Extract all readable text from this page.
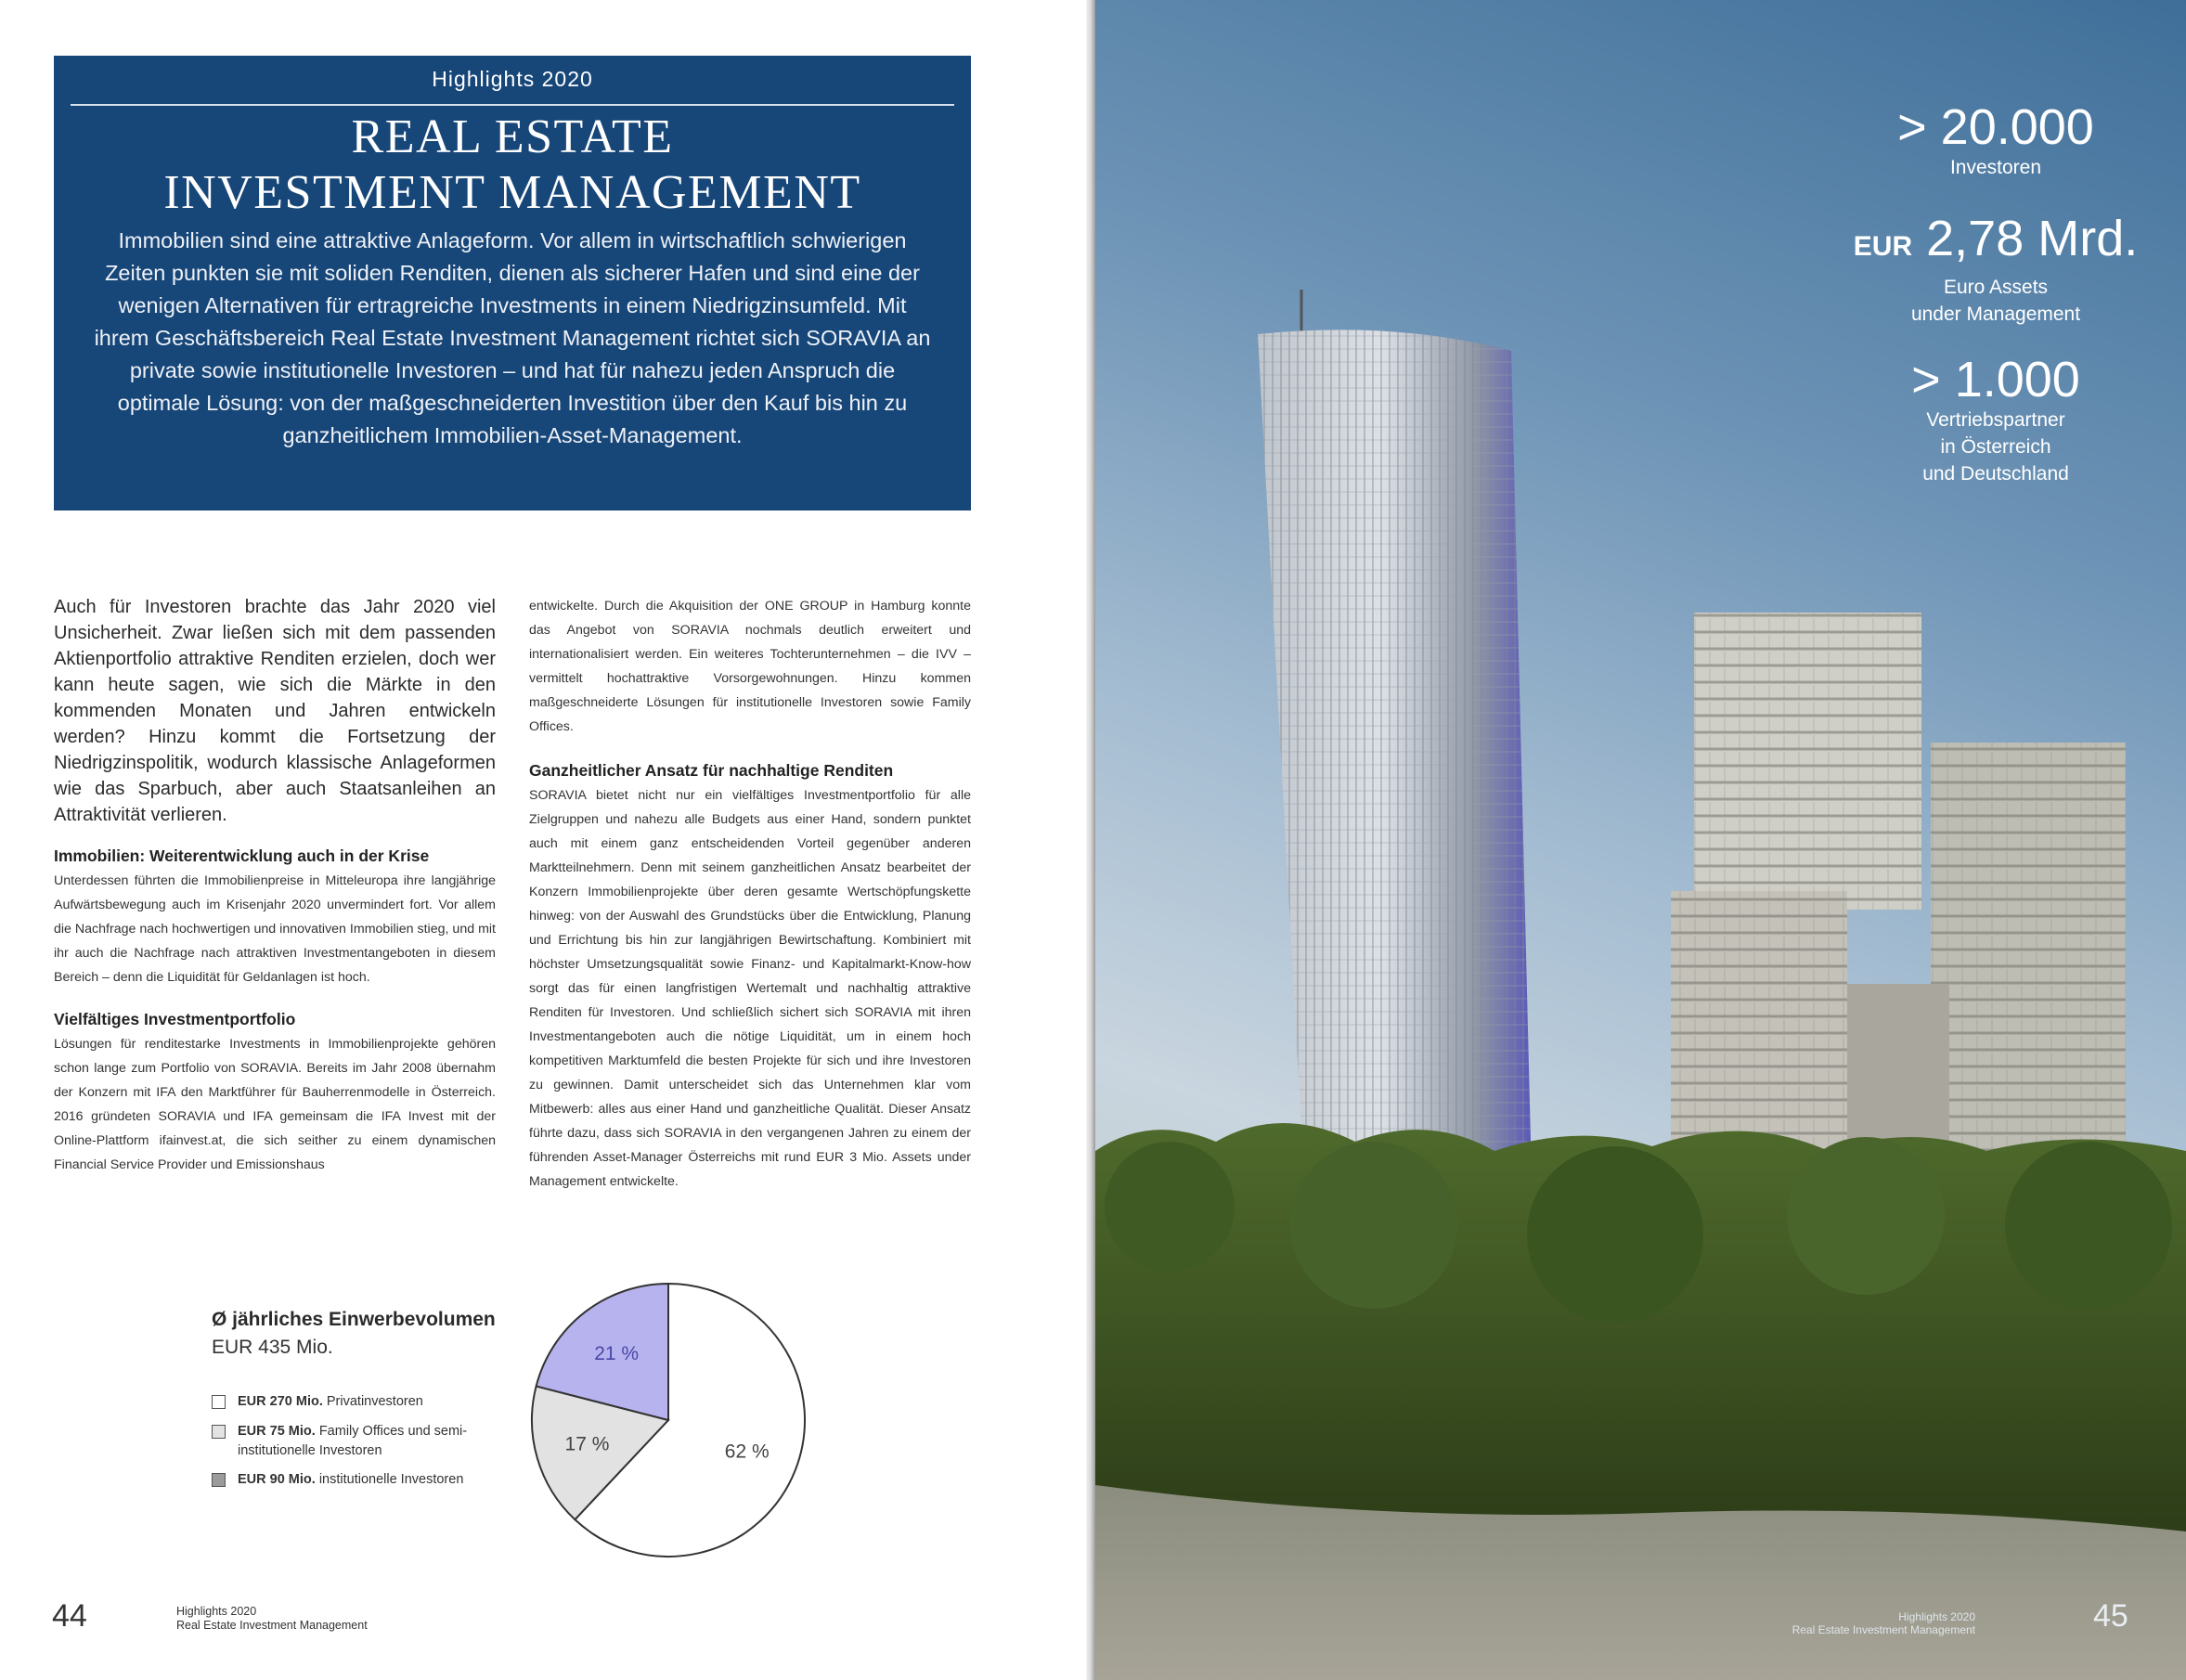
Highlights 2020
REAL ESTATE
INVESTMENT MANAGEMENT
Immobilien sind eine attraktive Anlageform. Vor allem in wirtschaftlich schwierigen Zeiten punkten sie mit soliden Renditen, dienen als sicherer Hafen und sind eine der wenigen Alternativen für ertragreiche Investments in einem Niedrigzinsumfeld. Mit ihrem Geschäftsbereich Real Estate Investment Management richtet sich SORAVIA an private sowie institutionelle Investoren – und hat für nahezu jeden Anspruch die optimale Lösung: von der maßgeschneiderten Investition über den Kauf bis hin zu ganzheitlichem Immobilien-Asset-Management.

Auch für Investoren brachte das Jahr 2020 viel Unsicherheit. Zwar ließen sich mit dem passenden Aktienportfolio attraktive Renditen erzielen, doch wer kann heute sagen, wie sich die Märkte in den kommenden Monaten und Jahren entwickeln werden? Hinzu kommt die Fortsetzung der Niedrigzinspolitik, wodurch klassische Anlageformen wie das Sparbuch, aber auch Staatsanleihen an Attraktivität verlieren.

Immobilien: Weiterentwicklung auch in der Krise

Unterdessen führten die Immobilienpreise in Mitteleuropa ihre langjährige Aufwärtsbewegung auch im Krisenjahr 2020 unvermindert fort. Vor allem die Nachfrage nach hochwertigen und innovativen Immobilien stieg, und mit ihr auch die Nachfrage nach attraktiven Investmentangeboten in diesem Bereich – denn die Liquidität für Geldanlagen ist hoch.

Vielfältiges Investmentportfolio

Lösungen für renditestarke Investments in Immobilienprojekte gehören schon lange zum Portfolio von SORAVIA. Bereits im Jahr 2008 übernahm der Konzern mit IFA den Marktführer für Bauherrenmodelle in Österreich. 2016 gründeten SORAVIA und IFA gemeinsam die IFA Invest mit der Online-Plattform ifainvest.at, die sich seither zu einem dynamischen Financial Service Provider und Emissionshaus

entwickelte. Durch die Akquisition der ONE GROUP in Hamburg konnte das Angebot von SORAVIA nochmals deutlich erweitert und internationalisiert werden. Ein weiteres Tochterunternehmen – die IVV – vermittelt hochattraktive Vorsorgewohnungen. Hinzu kommen maßgeschneiderte Lösungen für institutionelle Investoren sowie Family Offices.

Ganzheitlicher Ansatz für nachhaltige Renditen

SORAVIA bietet nicht nur ein vielfältiges Investmentportfolio für alle Zielgruppen und nahezu alle Budgets aus einer Hand, sondern punktet auch mit einem ganz entscheidenden Vorteil gegenüber anderen Marktteilnehmern. Denn mit seinem ganzheitlichen Ansatz bearbeitet der Konzern Immobilienprojekte über deren gesamte Wertschöpfungskette hinweg: von der Auswahl des Grundstücks über die Entwicklung, Planung und Errichtung bis hin zur langjährigen Bewirtschaftung. Kombiniert mit höchster Umsetzungsqualität sowie Finanz- und Kapitalmarkt-Know-how sorgt das für einen langfristigen Wertemalt und nachhaltig attraktive Renditen für Investoren. Und schließlich sichert sich SORAVIA mit ihren Investmentangeboten auch die nötige Liquidität, um in einem hoch kompetitiven Marktumfeld die besten Projekte für sich und ihre Investoren zu gewinnen. Damit unterscheidet sich das Unternehmen klar vom Mitbewerb: alles aus einer Hand und ganzheitliche Qualität. Dieser Ansatz führte dazu, dass sich SORAVIA in den vergangenen Jahren zu einem der führenden Asset-Manager Österreichs mit rund EUR 3 Mio. Assets under Management entwickelte.

Ø jährliches Einwerbevolumen
EUR 435 Mio.
EUR 270 Mio. Privatinvestoren
EUR 75 Mio. Family Offices und semi-institutionelle Investoren
EUR 90 Mio. institutionelle Investoren
62 %
17 %
21 %
44	Highlights 2020
Real Estate Investment Management
> 20.000
Investoren
EUR 2,78 Mrd.
Euro Assets
under Management
> 1.000
Vertriebspartner
in Österreich
und Deutschland
Highlights 2020
Real Estate Investment Management	45
